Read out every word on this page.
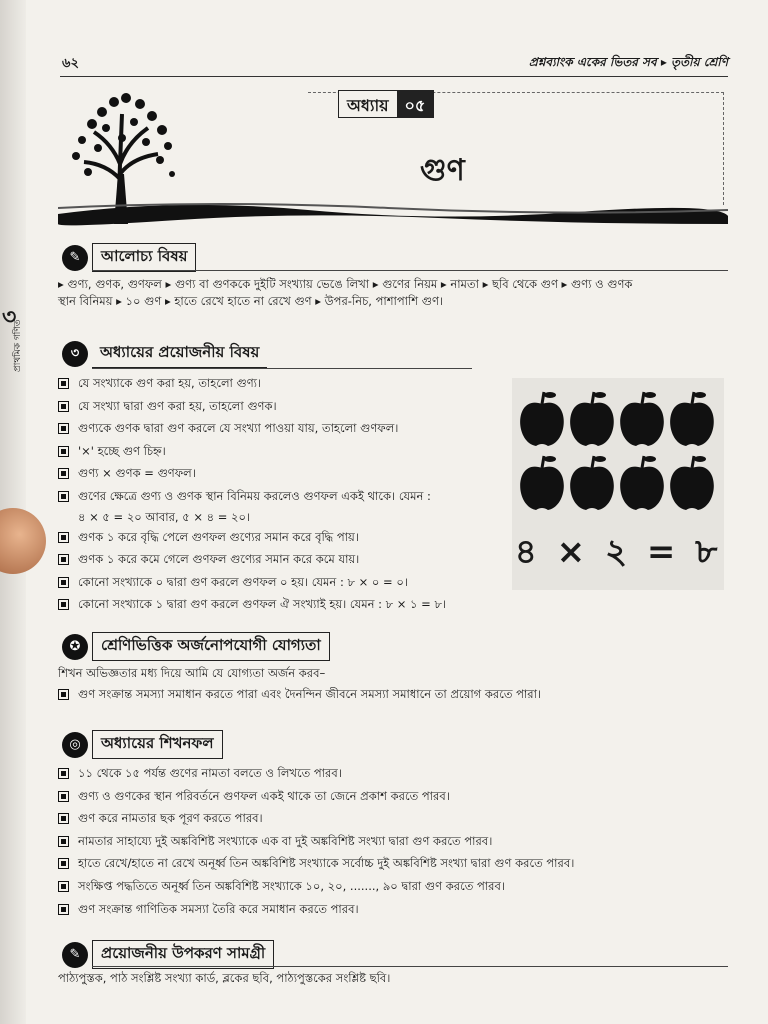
৬২	প্রশ্নব্যাংক একের ভিতর সব ▸ তৃতীয় শ্রেণি
অধ্যায়	০৫
গুণ
৩
প্রাথমিক গণিত
✎	আলোচ্য বিষয়
▸ গুণ্য, গুণক, গুণফল ▸ গুণ্য বা গুণককে দুইটি সংখ্যায় ভেঙে লিখা ▸ গুণের নিয়ম ▸ নামতা ▸ ছবি থেকে গুণ ▸ গুণ্য ও গুণক
স্থান বিনিময় ▸ ১০ গুণ ▸ হাতে রেখে হাতে না রেখে গুণ ▸ উপর-নিচ, পাশাপাশি গুণ।
৩	অধ্যায়ের প্রয়োজনীয় বিষয়
যে সংখ্যাকে গুণ করা হয়, তাহলো গুণ্য।
যে সংখ্যা দ্বারা গুণ করা হয়, তাহলো গুণক।
গুণ্যকে গুণক দ্বারা গুণ করলে যে সংখ্যা পাওয়া যায়, তাহলো গুণফল।
'×' হচ্ছে গুণ চিহ্ন।
গুণ্য × গুণক = গুণফল।
গুণের ক্ষেত্রে গুণ্য ও গুণক স্থান বিনিময় করলেও গুণফল একই থাকে। যেমন :
৪ × ৫ = ২০ আবার, ৫ × ৪ = ২০।
গুণক ১ করে বৃদ্ধি পেলে গুণফল গুণ্যের সমান করে বৃদ্ধি পায়।
গুণক ১ করে কমে গেলে গুণফল গুণ্যের সমান করে কমে যায়।
কোনো সংখ্যাকে ০ দ্বারা গুণ করলে গুণফল ০ হয়। যেমন : ৮ × ০ = ০।
কোনো সংখ্যাকে ১ দ্বারা গুণ করলে গুণফল ঐ সংখ্যাই হয়। যেমন : ৮ × ১ = ৮।
৪ × ২ = ৮
✪	শ্রেণিভিত্তিক অর্জনোপযোগী যোগ্যতা
শিখন অভিজ্ঞতার মধ্য দিয়ে আমি যে যোগ্যতা অর্জন করব–
গুণ সংক্রান্ত সমস্যা সমাধান করতে পারা এবং দৈনন্দিন জীবনে সমস্যা সমাধানে তা প্রয়োগ করতে পারা।
◎	অধ্যায়ের শিখনফল
১১ থেকে ১৫ পর্যন্ত গুণের নামতা বলতে ও লিখতে পারব।
গুণ্য ও গুণকের স্থান পরিবর্তনে গুণফল একই থাকে তা জেনে প্রকাশ করতে পারব।
গুণ করে নামতার ছক পূরণ করতে পারব।
নামতার সাহায্যে দুই অঙ্কবিশিষ্ট সংখ্যাকে এক বা দুই অঙ্কবিশিষ্ট সংখ্যা দ্বারা গুণ করতে পারব।
হাতে রেখে/হাতে না রেখে অনূর্ধ্ব তিন অঙ্কবিশিষ্ট সংখ্যাকে সর্বোচ্চ দুই অঙ্কবিশিষ্ট সংখ্যা দ্বারা গুণ করতে পারব।
সংক্ষিপ্ত পদ্ধতিতে অনূর্ধ্ব তিন অঙ্কবিশিষ্ট সংখ্যাকে ১০, ২০, ......., ৯০ দ্বারা গুণ করতে পারব।
গুণ সংক্রান্ত গাণিতিক সমস্যা তৈরি করে সমাধান করতে পারব।
✎	প্রয়োজনীয় উপকরণ সামগ্রী
পাঠ্যপুস্তক, পাঠ সংশ্লিষ্ট সংখ্যা কার্ড, ব্লকের ছবি, পাঠ্যপুস্তকের সংশ্লিষ্ট ছবি।
